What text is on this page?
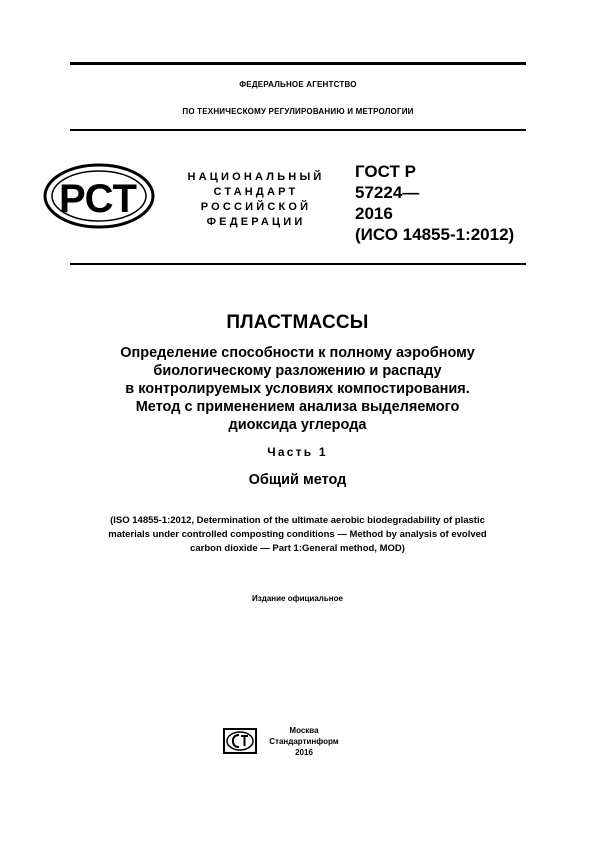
ФЕДЕРАЛЬНОЕ АГЕНТСТВО
ПО ТЕХНИЧЕСКОМУ РЕГУЛИРОВАНИЮ И МЕТРОЛОГИИ
РСТ	НАЦИОНАЛЬНЫЙ
СТАНДАРТ
РОССИЙСКОЙ
ФЕДЕРАЦИИ
ГОСТ Р
57224—
2016
(ИСО 14855-1:2012)
ПЛАСТМАССЫ
Определение способности к полному аэробному
биологическому разложению и распаду
в контролируемых условиях компостирования.
Метод с применением анализа выделяемого
диоксида углерода
Часть 1
Общий метод
(ISO 14855-1:2012, Determination of the ultimate aerobic biodegradability of plastic
materials under controlled composting conditions — Method by analysis of evolved
carbon dioxide — Part 1:General method, MOD)
Издание официальное
Москва
Стандартинформ
2016
